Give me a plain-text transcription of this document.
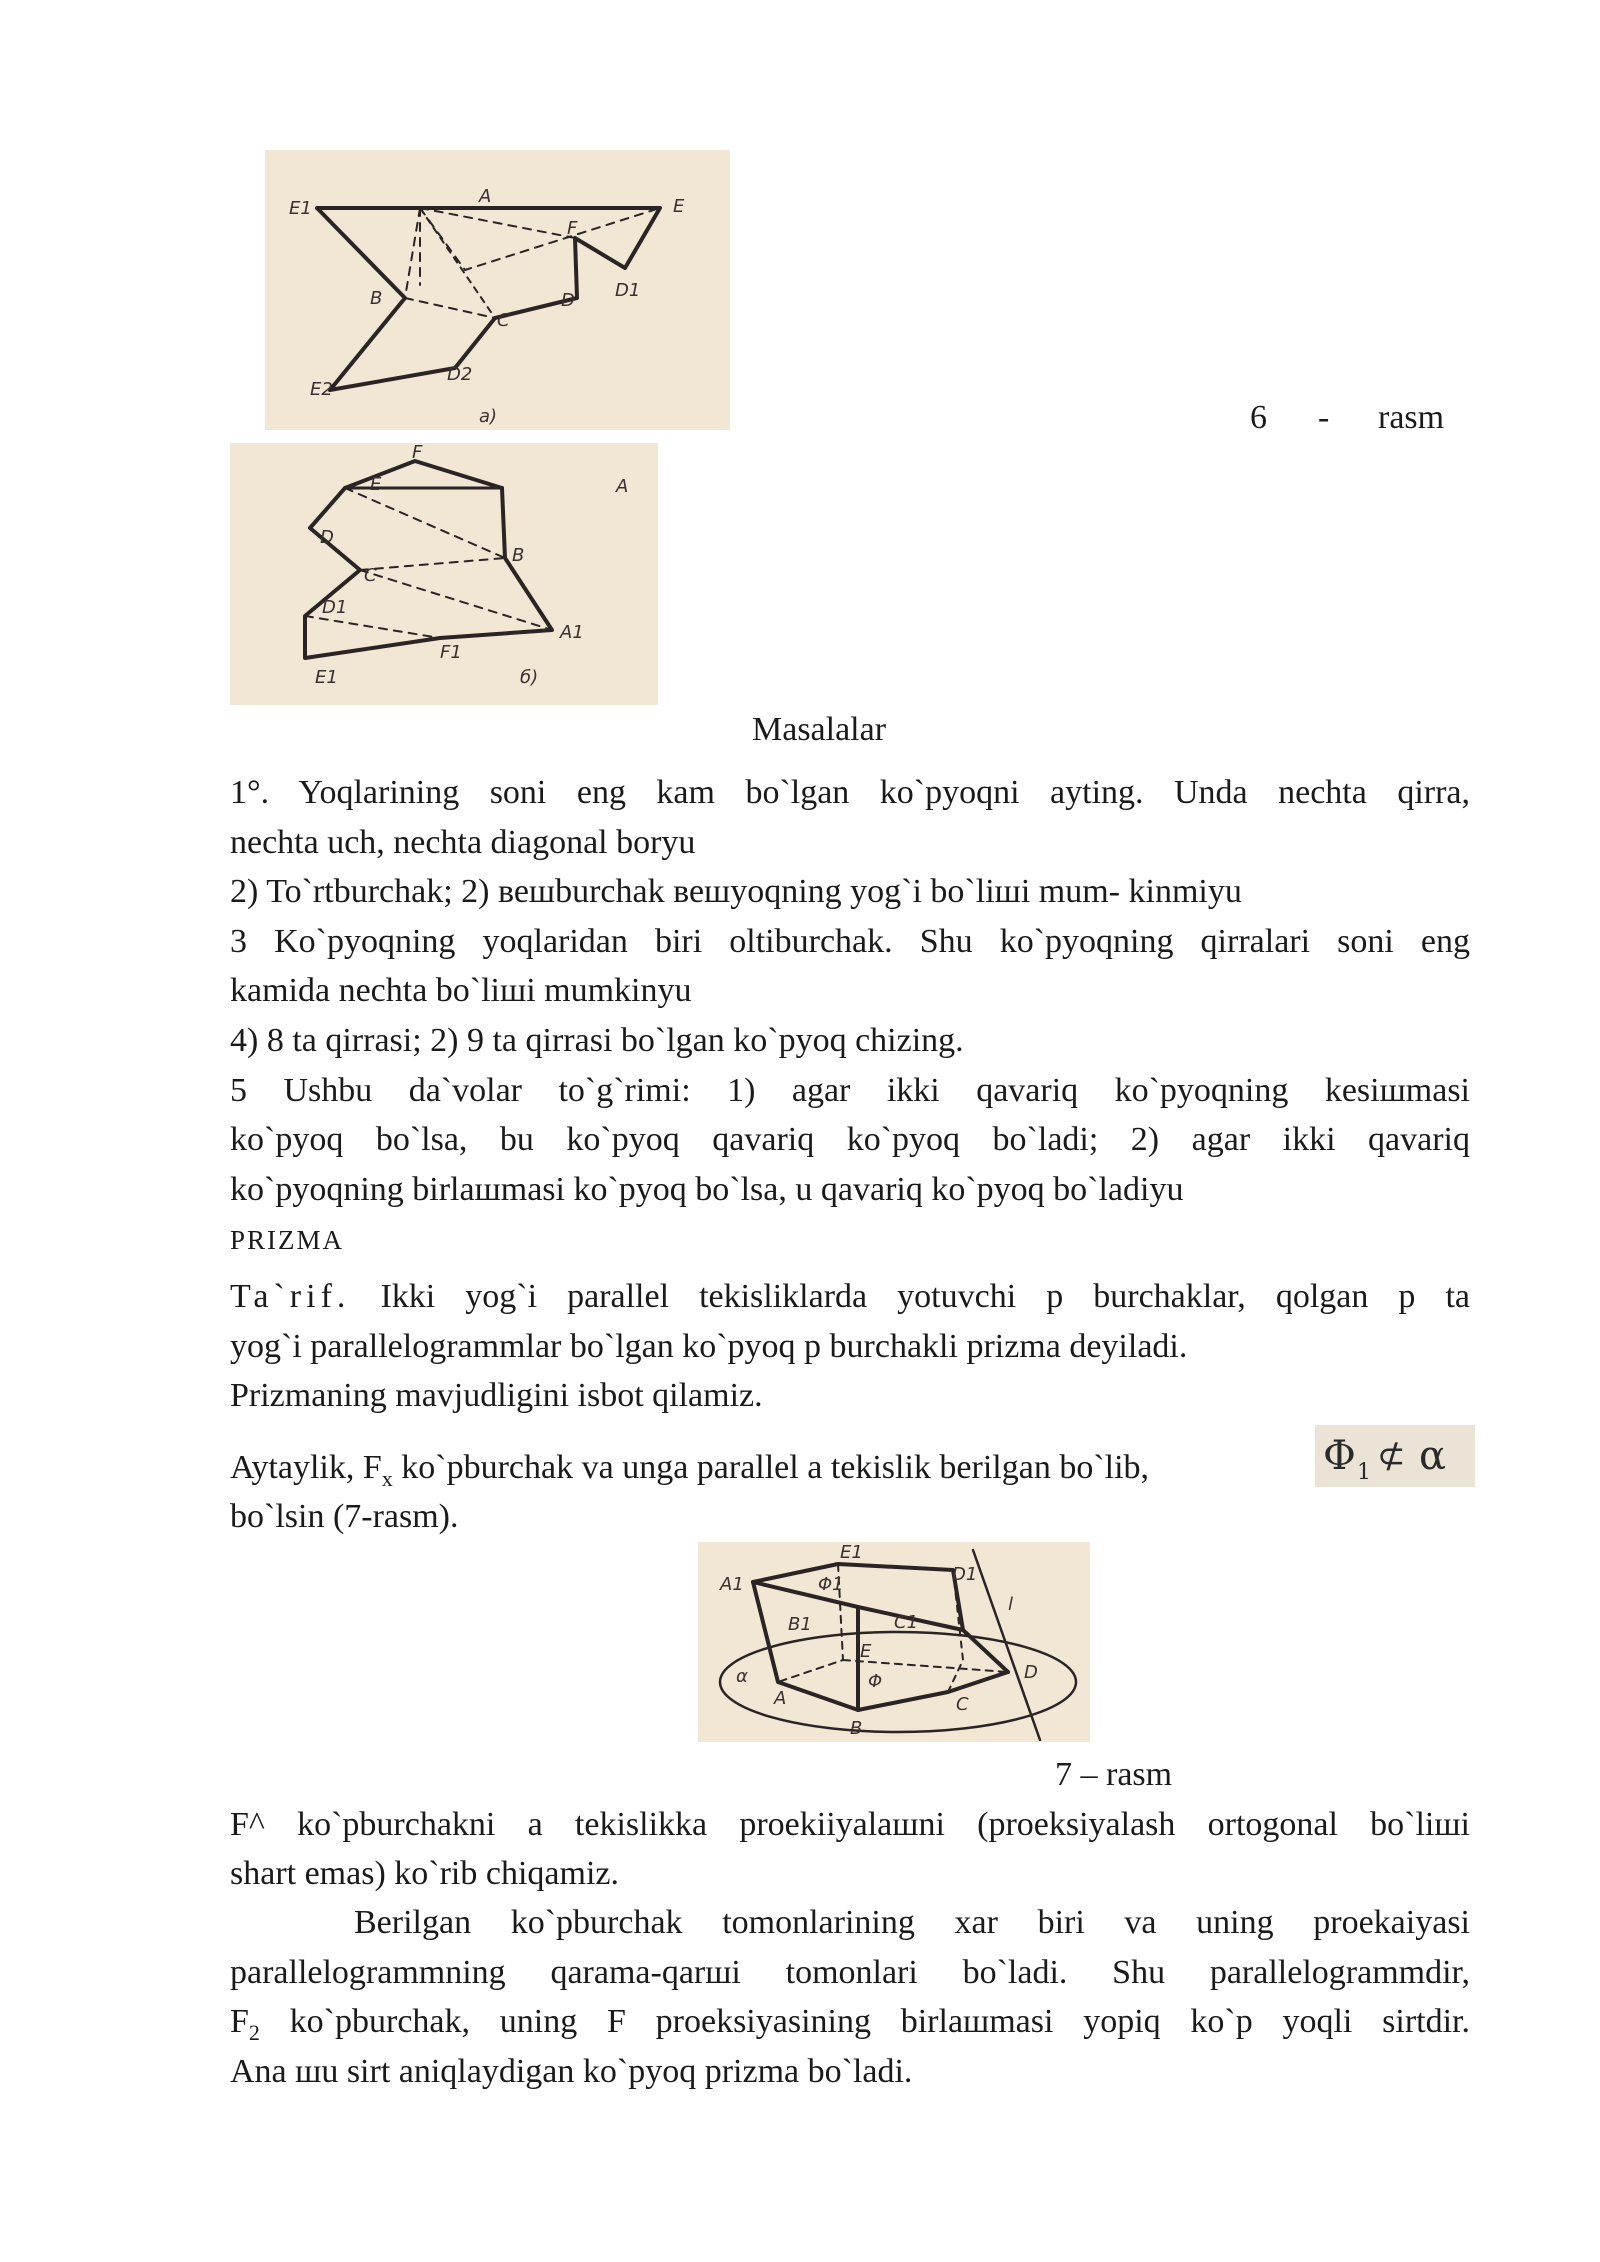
E1
A	E
F
B
C
D D1
E2
D2
a)	6 - rasm
F
E	A
D
B
C
D1
A1
F1
E1	б)
Masalalar
1°. Yoqlarining soni eng kam bo`lgan ko`pyoqni ayting. Unda nechta qirra,
nechta uch, nechta diagonal boryu
2) To`rtburchak; 2) вешburchak вешyoqning yog`i bo`liшi mum- kinmiyu
3 Ko`pyoqning yoqlaridan biri oltiburchak. Shu ko`pyoqning qirralari soni eng
kamida nechta bo`liшi mumkinyu
4) 8 ta qirrasi; 2) 9 ta qirrasi bo`lgan ko`pyoq chizing.
5 Ushbu da`volar to`g`rimi: 1) agar ikki qavariq ko`pyoqning kesiшmasi
ko`pyoq bo`lsa, bu ko`pyoq qavariq ko`pyoq bo`ladi; 2) agar ikki qavariq
ko`pyoqning birlaшmasi ko`pyoq bo`lsa, u qavariq ko`pyoq bo`ladiyu
PRIZMA
Ta`rif. Ikki yog`i parallel tekisliklarda yotuvchi p burchaklar, qolgan p ta
yog`i parallelogrammlar bo`lgan ko`pyoq p burchakli prizma deyiladi.
Prizmaning mavjudligini isbot qilamiz.
Aytaylik, $F_x$ ko`pburchak va unga parallel a tekislik berilgan bo`lib,	Φ 1 ⊄ α
bo`lsin (7-rasm).
E1
A1	Φ1	D1
B1	C1
l
E
α	Φ	D
A	C
B
7 – rasm
F^ ko`pburchakni a tekislikka proekiiyalaшni (proeksiyalash ortogonal bo`liшi
shart emas) ko`rib chiqamiz.
Berilgan ko`pburchak tomonlarining xar biri va uning proekaiyasi
parallelogrammning qarama-qarшi tomonlari bo`ladi. Shu parallelogrammdir,
$F_2$ ko`pburchak, uning F proeksiyasining birlaшmasi yopiq ko`p yoqli sirtdir.
Ana шu sirt aniqlaydigan ko`pyoq prizma bo`ladi.
